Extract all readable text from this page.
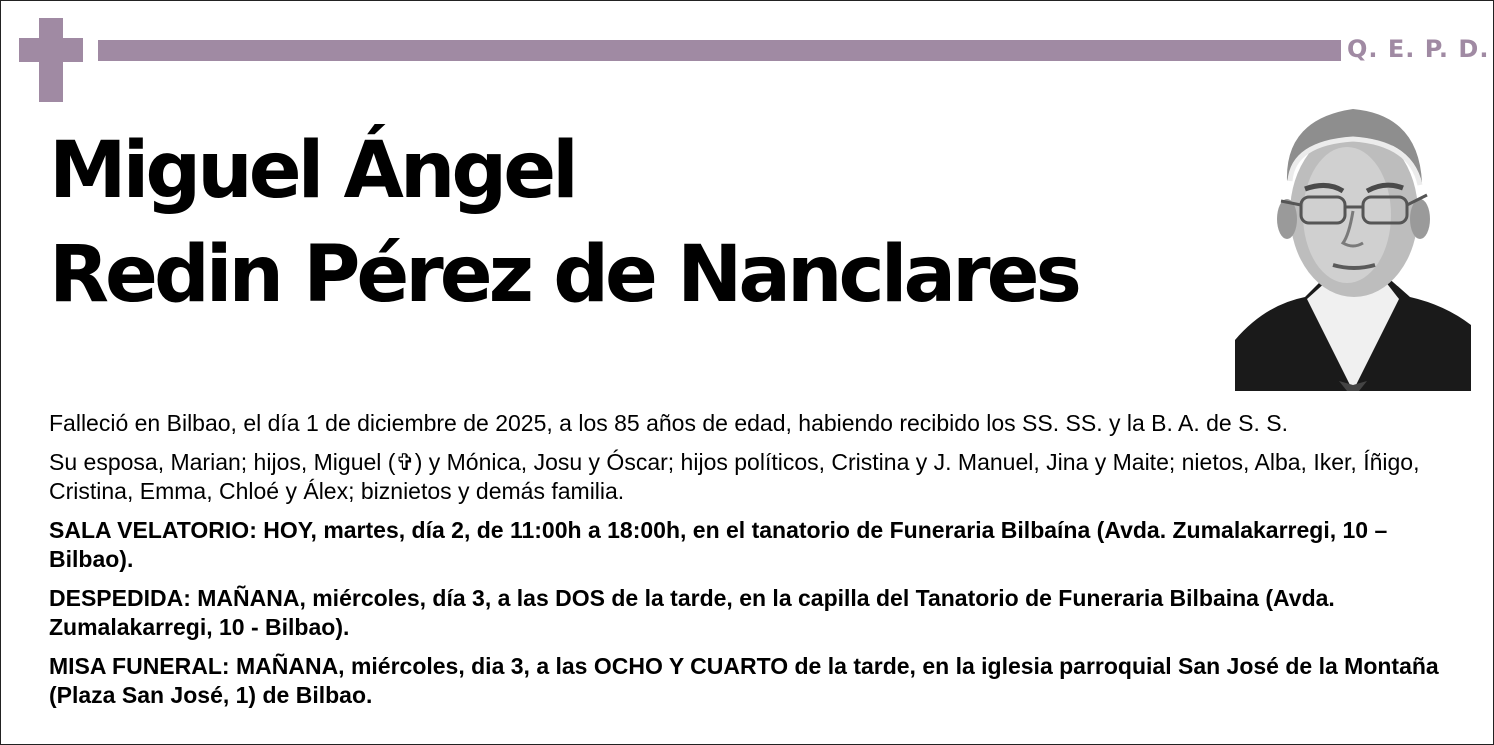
Q. E. P. D.
Miguel Ángel
Redin Pérez de Nanclares

Falleció en Bilbao, el día 1 de diciembre de 2025, a los 85 años de edad, habiendo recibido los SS. SS. y la B. A. de S. S.

Su esposa, Marian; hijos, Miguel (✞) y Mónica, Josu y Óscar; hijos políticos, Cristina y J. Manuel, Jina y Maite; nietos, Alba, Iker, Íñigo, Cristina, Emma, Chloé y Álex; biznietos y demás familia.

SALA VELATORIO: HOY, martes, día 2, de 11:00h a 18:00h, en el tanatorio de Funeraria Bilbaína (Avda. Zumalakarregi, 10 – Bilbao).

DESPEDIDA: MAÑANA, miércoles, día 3, a las DOS de la tarde, en la capilla del Tanatorio de Funeraria Bilbaina (Avda. Zumalakarregi, 10 - Bilbao).

MISA FUNERAL: MAÑANA, miércoles, dia 3, a las OCHO Y CUARTO de la tarde, en la iglesia parroquial San José de la Montaña (Plaza San José, 1) de Bilbao.
